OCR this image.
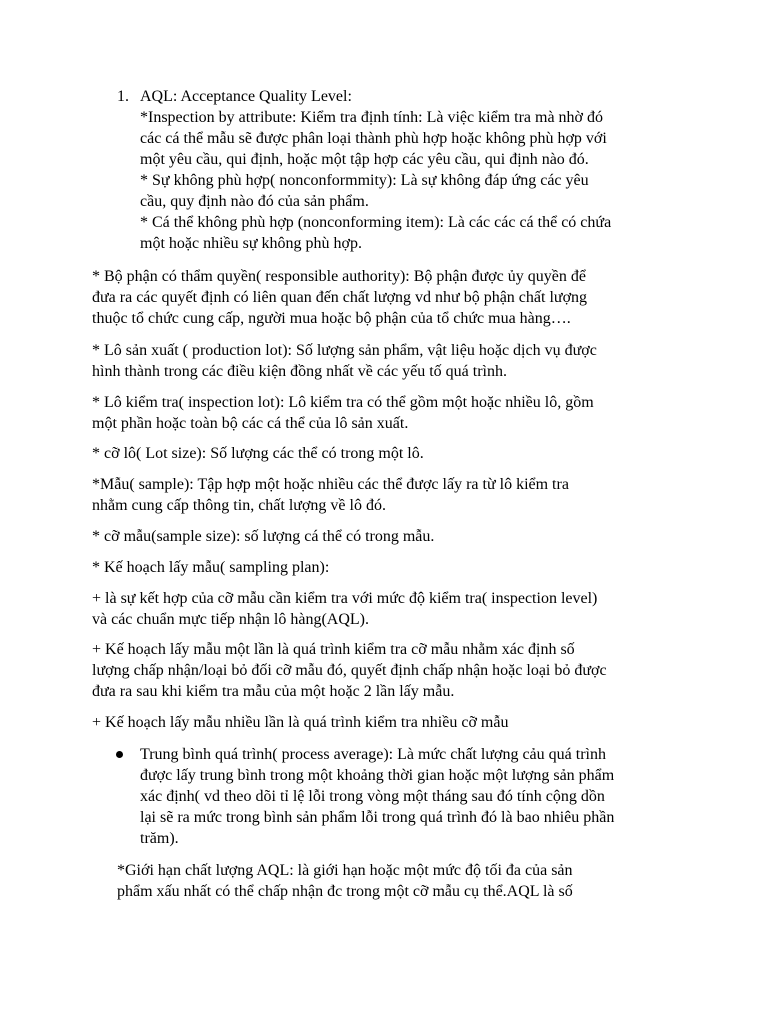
1. AQL: Acceptance Quality Level:
*Inspection by attribute: Kiểm tra định tính: Là việc kiểm tra mà nhờ đó
các cá thể mẫu sẽ được phân loại thành phù hợp hoặc không phù hợp với
một yêu cầu, qui định, hoặc một tập hợp các yêu cầu, qui định nào đó.
* Sự không phù hợp( nonconformmity): Là sự không đáp ứng các yêu
cầu, quy định nào đó của sản phẩm.
* Cá thể không phù hợp (nonconforming item): Là các các cá thể có chứa
một hoặc nhiều sự không phù hợp.
* Bộ phận có thẩm quyền( responsible authority): Bộ phận được ủy quyền để
đưa ra các quyết định có liên quan đến chất lượng vd như bộ phận chất lượng
thuộc tổ chức cung cấp, người mua hoặc bộ phận của tổ chức mua hàng….
* Lô sản xuất ( production lot): Số lượng sản phẩm, vật liệu hoặc dịch vụ được
hình thành trong các điều kiện đồng nhất về các yếu tố quá trình.
* Lô kiểm tra( inspection lot): Lô kiểm tra có thể gồm một hoặc nhiều lô, gồm
một phần hoặc toàn bộ các cá thể của lô sản xuất.
* cỡ lô( Lot size): Số lượng các thể có trong một lô.
*Mẫu( sample): Tập hợp một hoặc nhiều các thể được lấy ra từ lô kiểm tra
nhằm cung cấp thông tin, chất lượng về lô đó.
* cỡ mẫu(sample size): số lượng cá thể có trong mẫu.
* Kế hoạch lấy mẫu( sampling plan):
+ là sự kết hợp của cỡ mẫu cần kiểm tra với mức độ kiểm tra( inspection level)
và các chuẩn mực tiếp nhận lô hàng(AQL).
+ Kế hoạch lấy mẫu một lần là quá trình kiểm tra cỡ mẫu nhằm xác định số
lượng chấp nhận/loại bỏ đối cỡ mẫu đó, quyết định chấp nhận hoặc loại bỏ được
đưa ra sau khi kiểm tra mẫu của một hoặc 2 lần lấy mẫu.
+ Kế hoạch lấy mẫu nhiều lần là quá trình kiểm tra nhiều cỡ mẫu
Trung bình quá trình( process average): Là mức chất lượng cảu quá trình
được lấy trung bình trong một khoảng thời gian hoặc một lượng sản phẩm
xác định( vd theo dõi tỉ lệ lỗi trong vòng một tháng sau đó tính cộng dồn
lại sẽ ra mức trong bình sản phẩm lỗi trong quá trình đó là bao nhiêu phần
trăm).
*Giới hạn chất lượng AQL: là giới hạn hoặc một mức độ tối đa của sản
phẩm xấu nhất có thể chấp nhận đc trong một cỡ mẫu cụ thể.AQL là số
